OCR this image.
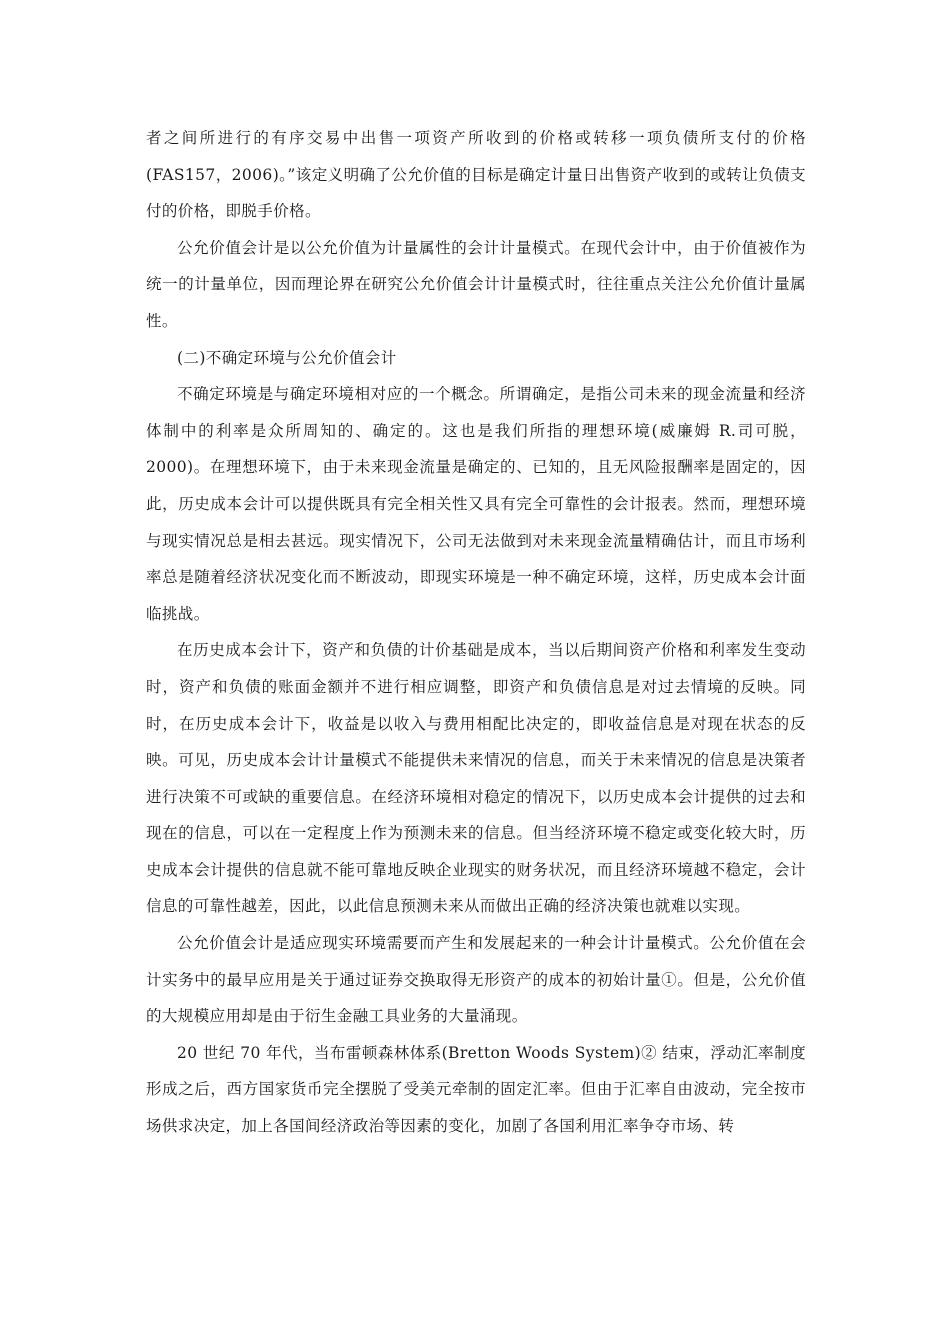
者之间所进行的有序交易中出售一项资产所收到的价格或转移一项负债所支付的价格(FAS157，2006)。”该定义明确了公允价值的目标是确定计量日出售资产收到的或转让负债支付的价格，即脱手价格。

公允价值会计是以公允价值为计量属性的会计计量模式。在现代会计中，由于价值被作为统一的计量单位，因而理论界在研究公允价值会计计量模式时，往往重点关注公允价值计量属性。

(二)不确定环境与公允价值会计

不确定环境是与确定环境相对应的一个概念。所谓确定，是指公司未来的现金流量和经济体制中的利率是众所周知的、确定的。这也是我们所指的理想环境(威廉姆 R.司可脱，2000)。在理想环境下，由于未来现金流量是确定的、已知的，且无风险报酬率是固定的，因此，历史成本会计可以提供既具有完全相关性又具有完全可靠性的会计报表。然而，理想环境与现实情况总是相去甚远。现实情况下，公司无法做到对未来现金流量精确估计，而且市场利率总是随着经济状况变化而不断波动，即现实环境是一种不确定环境，这样，历史成本会计面临挑战。

在历史成本会计下，资产和负债的计价基础是成本，当以后期间资产价格和利率发生变动时，资产和负债的账面金额并不进行相应调整，即资产和负债信息是对过去情境的反映。同时，在历史成本会计下，收益是以收入与费用相配比决定的，即收益信息是对现在状态的反映。可见，历史成本会计计量模式不能提供未来情况的信息，而关于未来情况的信息是决策者进行决策不可或缺的重要信息。在经济环境相对稳定的情况下，以历史成本会计提供的过去和现在的信息，可以在一定程度上作为预测未来的信息。但当经济环境不稳定或变化较大时，历史成本会计提供的信息就不能可靠地反映企业现实的财务状况，而且经济环境越不稳定，会计信息的可靠性越差，因此，以此信息预测未来从而做出正确的经济决策也就难以实现。

公允价值会计是适应现实环境需要而产生和发展起来的一种会计计量模式。公允价值在会计实务中的最早应用是关于通过证券交换取得无形资产的成本的初始计量①。但是，公允价值的大规模应用却是由于衍生金融工具业务的大量涌现。

20 世纪 70 年代，当布雷顿森林体系(Bretton Woods System)② 结束，浮动汇率制度形成之后，西方国家货币完全摆脱了受美元牵制的固定汇率。但由于汇率自由波动，完全按市场供求决定，加上各国间经济政治等因素的变化，加剧了各国利用汇率争夺市场、转
